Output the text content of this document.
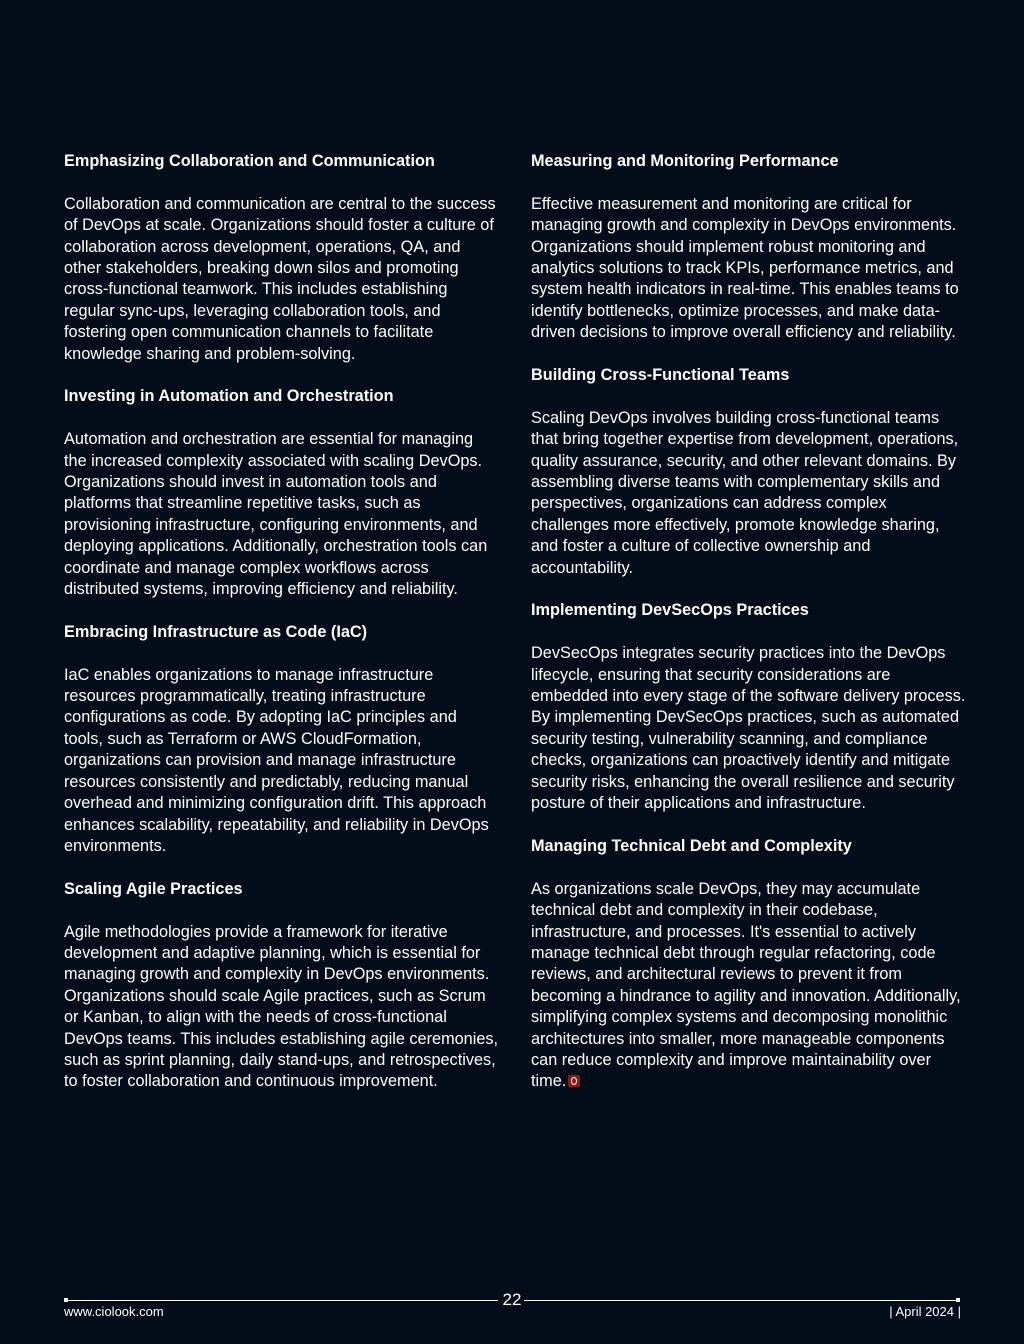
Emphasizing Collaboration and Communication

Collaboration and communication are central to the success of DevOps at scale. Organizations should foster a culture of collaboration across development, operations, QA, and other stakeholders, breaking down silos and promoting cross-functional teamwork. This includes establishing regular sync-ups, leveraging collaboration tools, and fostering open communication channels to facilitate knowledge sharing and problem-solving.

Investing in Automation and Orchestration

Automation and orchestration are essential for managing the increased complexity associated with scaling DevOps. Organizations should invest in automation tools and platforms that streamline repetitive tasks, such as provisioning infrastructure, configuring environments, and deploying applications. Additionally, orchestration tools can coordinate and manage complex workflows across distributed systems, improving efficiency and reliability.

Embracing Infrastructure as Code (IaC)

IaC enables organizations to manage infrastructure resources programmatically, treating infrastructure configurations as code. By adopting IaC principles and tools, such as Terraform or AWS CloudFormation, organizations can provision and manage infrastructure resources consistently and predictably, reducing manual overhead and minimizing configuration drift. This approach enhances scalability, repeatability, and reliability in DevOps environments.

Scaling Agile Practices

Agile methodologies provide a framework for iterative development and adaptive planning, which is essential for managing growth and complexity in DevOps environments. Organizations should scale Agile practices, such as Scrum or Kanban, to align with the needs of cross-functional DevOps teams. This includes establishing agile ceremonies, such as sprint planning, daily stand-ups, and retrospectives, to foster collaboration and continuous improvement.

Measuring and Monitoring Performance

Effective measurement and monitoring are critical for managing growth and complexity in DevOps environments. Organizations should implement robust monitoring and analytics solutions to track KPIs, performance metrics, and system health indicators in real-time. This enables teams to identify bottlenecks, optimize processes, and make data-driven decisions to improve overall efficiency and reliability.

Building Cross-Functional Teams

Scaling DevOps involves building cross-functional teams that bring together expertise from development, operations, quality assurance, security, and other relevant domains. By assembling diverse teams with complementary skills and perspectives, organizations can address complex challenges more effectively, promote knowledge sharing, and foster a culture of collective ownership and accountability.

Implementing DevSecOps Practices

DevSecOps integrates security practices into the DevOps lifecycle, ensuring that security considerations are embedded into every stage of the software delivery process. By implementing DevSecOps practices, such as automated security testing, vulnerability scanning, and compliance checks, organizations can proactively identify and mitigate security risks, enhancing the overall resilience and security posture of their applications and infrastructure.

Managing Technical Debt and Complexity

As organizations scale DevOps, they may accumulate technical debt and complexity in their codebase, infrastructure, and processes. It's essential to actively manage technical debt through regular refactoring, code reviews, and architectural reviews to prevent it from becoming a hindrance to agility and innovation. Additionally, simplifying complex systems and decomposing monolithic architectures into smaller, more manageable components can reduce complexity and improve maintainability over time.

22
www.ciolook.com	| April 2024 |
